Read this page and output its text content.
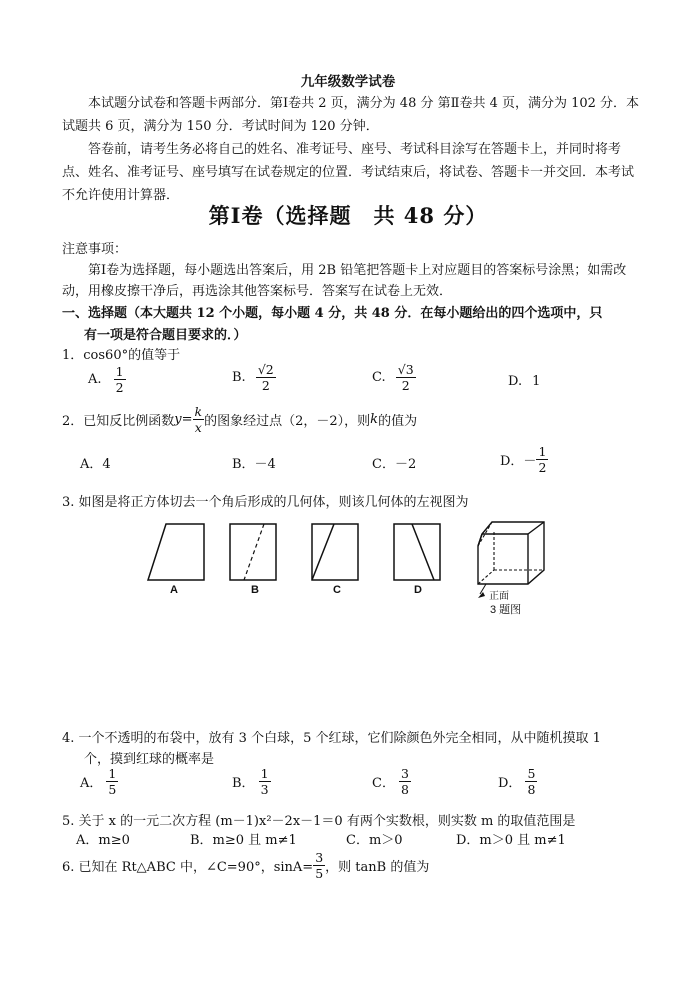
九年级数学试卷
本试题分试卷和答题卡两部分．第Ⅰ卷共 2 页，满分为 48 分 第Ⅱ卷共 4 页，满分为 102 分．本试题共 6 页，满分为 150 分．考试时间为 120 分钟．
答卷前，请考生务必将自己的姓名、准考证号、座号、考试科目涂写在答题卡上，并同时将考点、姓名、准考证号、座号填写在试卷规定的位置．考试结束后，将试卷、答题卡一并交回．本考试不允许使用计算器．
第Ⅰ卷（选择题　共 48 分）
注意事项：
第Ⅰ卷为选择题，每小题选出答案后，用 2B 铅笔把答题卡上对应题目的答案标号涂黑；如需改动，用橡皮擦干净后，再选涂其他答案标号．答案写在试卷上无效．
一、选择题（本大题共 12 个小题，每小题 4 分，共 48 分．在每小题给出的四个选项中，只
有一项是符合题目要求的．）
1．cos60°的值等于
A. $\frac{1}{2}$	B. $\frac{√2}{2}$	C. $\frac{√3}{2}$	D. 1
2．已知反比例函数$y= \frac{k}{x}$ 的图象经过点（2，－2），则k的值为
A．4	B．－4	C．－2	D．－ $\frac{1}{2}$
3. 如图是将正方体切去一个角后形成的几何体，则该几何体的左视图为
A	B	C	D
正面
3 题图
4. 一个不透明的布袋中，放有 3 个白球，5 个红球，它们除颜色外完全相同，从中随机摸取 1
个，摸到红球的概率是
A． $\frac{1}{5}$	B． $\frac{1}{3}$	C． $\frac{3}{8}$	D． $\frac{5}{8}$
5. 关于 x 的一元二次方程 (m－1)x²－2x－1＝0 有两个实数根，则实数 m 的取值范围是
A．m≥0	B．m≥0 且 m≠1	C．m＞0	D．m＞0 且 m≠1
6. 已知在 Rt△ABC 中，∠C=90°，$\sin A= \frac{3}{5}$ ，则 tanB 的值为
